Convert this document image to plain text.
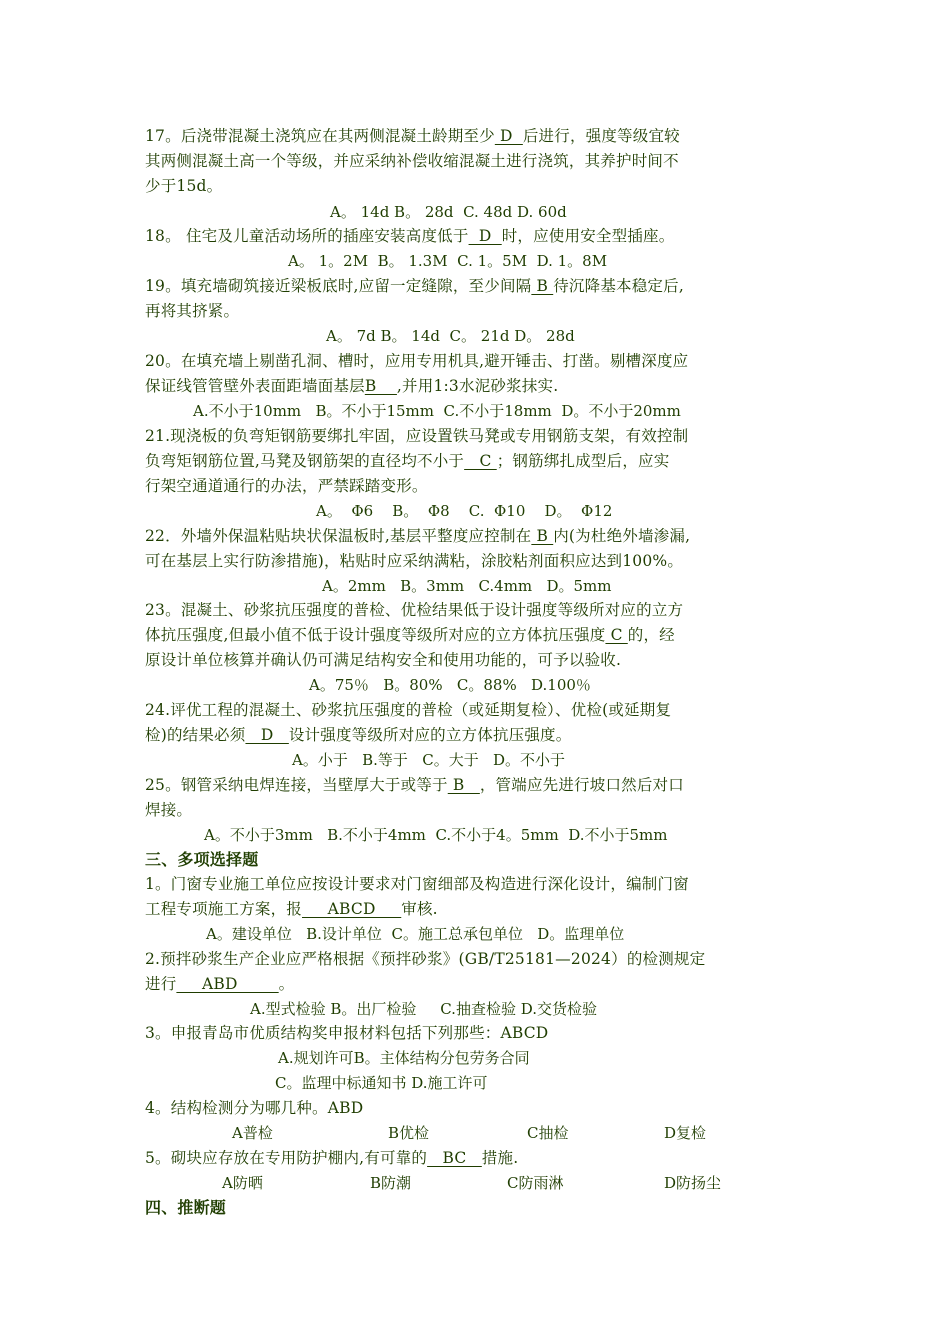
17。后浇带混凝土浇筑应在其两侧混凝土龄期至少 D  后进行，强度等级宜较
其两侧混凝土高一个等级，并应采纳补偿收缩混凝土进行浇筑，其养护时间不
少于15d。
A。 14d B。 28d  C. 48d D. 60d
18。 住宅及儿童活动场所的插座安装高度低于  D  时，应使用安全型插座。
A。 1。2M  B。 1.3M  C. 1。5M  D. 1。8M
19。填充墙砌筑接近梁板底时,应留一定缝隙，至少间隔 B 待沉降基本稳定后,
再将其挤紧。
A。 7d B。 14d  C。 21d D。 28d
20。在填充墙上剔凿孔洞、槽时，应用专用机具,避开锤击、打凿。剔槽深度应
保证线管管壁外表面距墙面基层B    ,并用1:3水泥砂浆抹实.
A.不小于10mm   B。不小于15mm  C.不小于18mm  D。不小于20mm
21.现浇板的负弯矩钢筋要绑扎牢固，应设置铁马凳或专用钢筋支架，有效控制
负弯矩钢筋位置,马凳及钢筋架的直径均不小于   C ；钢筋绑扎成型后，应实
行架空通道通行的办法，严禁踩踏变形。
A。  Φ6    B。  Φ8    C.  Φ10    D。  Φ12
22．外墙外保温粘贴块状保温板时,基层平整度应控制在 B 内(为杜绝外墙渗漏,
可在基层上实行防渗措施)，粘贴时应采纳满粘，涂胶粘剂面积应达到100%。
A。2mm   B。3mm   C.4mm   D。5mm
23。混凝土、砂浆抗压强度的普检、优检结果低于设计强度等级所对应的立方
体抗压强度,但最小值不低于设计强度等级所对应的立方体抗压强度 C 的，经
原设计单位核算并确认仍可满足结构安全和使用功能的，可予以验收.
A。75％   B。80%   C。88%   D.100％
24.评优工程的混凝土、砂浆抗压强度的普检（或延期复检）、优检(或延期复
检)的结果必须   D   设计强度等级所对应的立方体抗压强度。
A。小于   B.等于   C。大于   D。不小于
25。钢管采纳电焊连接，当壁厚大于或等于 B   ，管端应先进行坡口然后对口
焊接。
A。不小于3mm   B.不小于4mm  C.不小于4。5mm  D.不小于5mm
三、多项选择题
1。门窗专业施工单位应按设计要求对门窗细部及构造进行深化设计，编制门窗
工程专项施工方案，报     ABCD     审核.
A。建设单位   B.设计单位  C。施工总承包单位   D。监理单位
2.预拌砂浆生产企业应严格根据《预拌砂浆》(GB/T25181—2024）的检测规定
进行     ABD        。
A.型式检验 B。出厂检验     C.抽查检验 D.交货检验
3。申报青岛市优质结构奖申报材料包括下列那些：ABCD
A.规划许可B。主体结构分包劳务合同
C。监理中标通知书 D.施工许可
4。结构检测分为哪几种。ABD
A普检	B优检	C抽检	D复检
5。砌块应存放在专用防护棚内,有可靠的   BC   措施.
A防晒	B防潮	C防雨淋	D防扬尘
四、推断题
